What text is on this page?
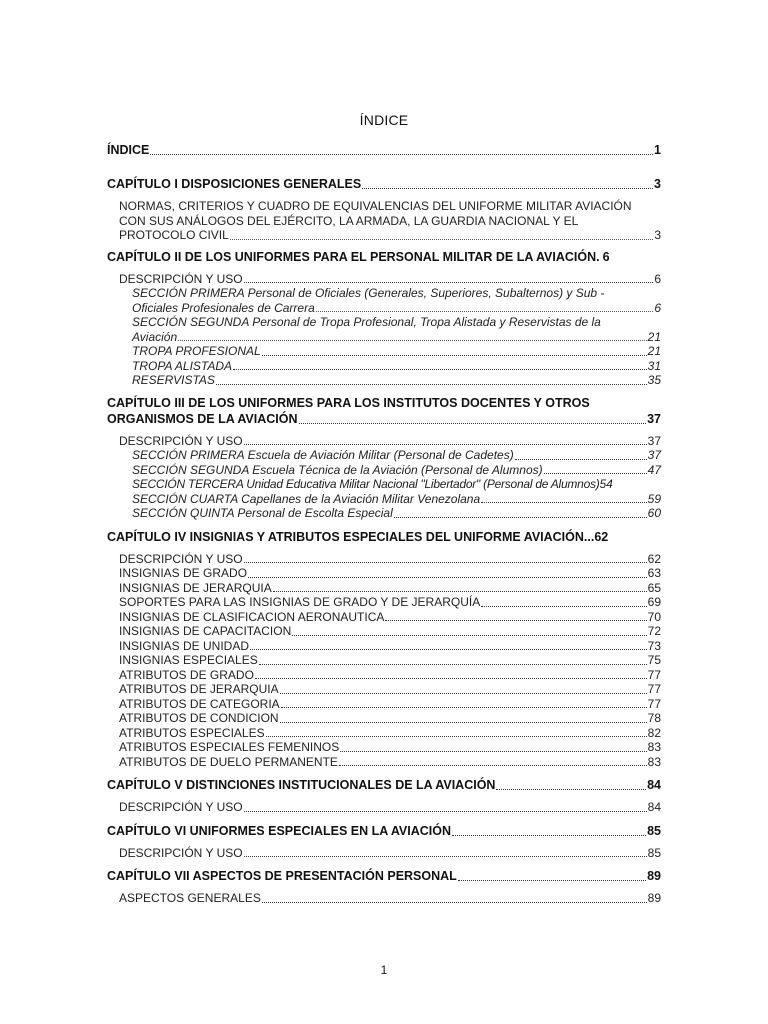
ÍNDICE
ÍNDICE	1
CAPÍTULO I DISPOSICIONES GENERALES	3
NORMAS, CRITERIOS Y CUADRO DE EQUIVALENCIAS DEL UNIFORME MILITAR AVIACIÓN
CON SUS ANÁLOGOS DEL EJÉRCITO, LA ARMADA, LA GUARDIA NACIONAL Y EL
PROTOCOLO CIVIL	3
CAPÍTULO II DE LOS UNIFORMES PARA EL PERSONAL MILITAR DE LA AVIACIÓN. 6
DESCRIPCIÓN Y USO	6
SECCIÓN PRIMERA Personal de Oficiales (Generales, Superiores, Subalternos) y Sub -
Oficiales Profesionales de Carrera	6
SECCIÓN SEGUNDA Personal de Tropa Profesional, Tropa Alistada y Reservistas de la
Aviación	21
TROPA PROFESIONAL	21
TROPA ALISTADA	31
RESERVISTAS	35
CAPÍTULO III DE LOS UNIFORMES PARA LOS INSTITUTOS DOCENTES Y OTROS
ORGANISMOS DE LA AVIACIÓN	37
DESCRIPCIÓN Y USO	37
SECCIÓN PRIMERA Escuela de Aviación Militar (Personal de Cadetes)	37
SECCIÓN SEGUNDA Escuela Técnica de la Aviación (Personal de Alumnos)	47
SECCIÓN TERCERA Unidad Educativa Militar Nacional "Libertador" (Personal de Alumnos) 54
SECCIÓN CUARTA Capellanes de la Aviación Militar Venezolana	59
SECCIÓN QUINTA Personal de Escolta Especial	60
CAPÍTULO IV INSIGNIAS Y ATRIBUTOS ESPECIALES DEL UNIFORME AVIACIÓN... 62
DESCRIPCIÓN Y USO	62
INSIGNIAS DE GRADO	63
INSIGNIAS DE JERARQUIA	65
SOPORTES PARA LAS INSIGNIAS DE GRADO Y DE JERARQUÍA	69
INSIGNIAS DE CLASIFICACION AERONAUTICA	70
INSIGNIAS DE CAPACITACION	72
INSIGNIAS DE UNIDAD	73
INSIGNIAS ESPECIALES	75
ATRIBUTOS DE GRADO	77
ATRIBUTOS DE JERARQUIA	77
ATRIBUTOS DE CATEGORIA	77
ATRIBUTOS DE CONDICION	78
ATRIBUTOS ESPECIALES	82
ATRIBUTOS ESPECIALES FEMENINOS	83
ATRIBUTOS DE DUELO PERMANENTE	83
CAPÍTULO V DISTINCIONES INSTITUCIONALES DE LA AVIACIÓN	84
DESCRIPCIÓN Y USO	84
CAPÍTULO VI UNIFORMES ESPECIALES EN LA AVIACIÓN	85
DESCRIPCIÓN Y USO	85
CAPÍTULO VII ASPECTOS DE PRESENTACIÓN PERSONAL	89
ASPECTOS GENERALES	89
1
